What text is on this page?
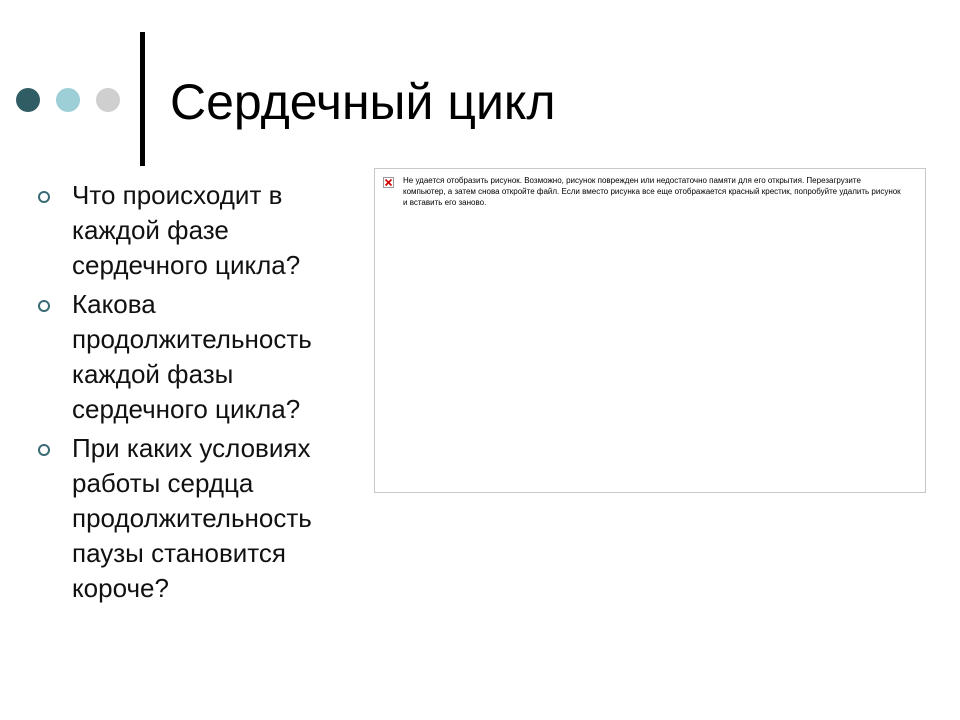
Сердечный цикл
Что происходит в каждой фазе сердечного цикла?
Какова продолжительность каждой фазы сердечного цикла?
При каких условиях работы сердца продолжительность паузы становится короче?
Не удается отобразить рисунок. Возможно, рисунок поврежден или недостаточно памяти для его открытия. Перезагрузите компьютер, а затем снова откройте файл. Если вместо рисунка все еще отображается красный крестик, попробуйте удалить рисунок и вставить его заново.
